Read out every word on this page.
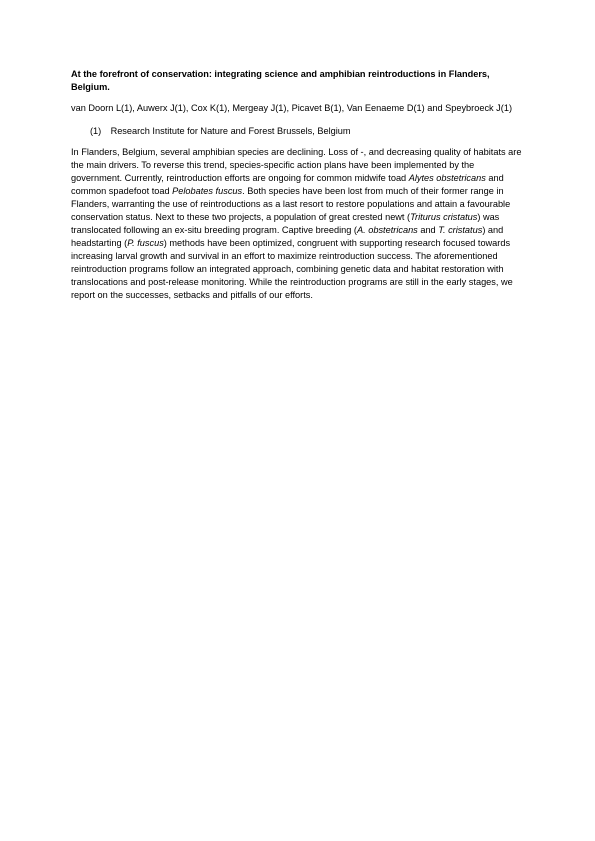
At the forefront of conservation: integrating science and amphibian reintroductions in Flanders, Belgium.

van Doorn L(1), Auwerx J(1), Cox K(1), Mergeay J(1), Picavet B(1), Van Eenaeme D(1) and Speybroeck J(1)

(1) Research Institute for Nature and Forest Brussels, Belgium

In Flanders, Belgium, several amphibian species are declining. Loss of -, and decreasing quality of habitats are the main drivers. To reverse this trend, species-specific action plans have been implemented by the government. Currently, reintroduction efforts are ongoing for common midwife toad Alytes obstetricans and common spadefoot toad Pelobates fuscus. Both species have been lost from much of their former range in Flanders, warranting the use of reintroductions as a last resort to restore populations and attain a favourable conservation status. Next to these two projects, a population of great crested newt (Triturus cristatus) was translocated following an ex-situ breeding program. Captive breeding (A. obstetricans and T. cristatus) and headstarting (P. fuscus) methods have been optimized, congruent with supporting research focused towards increasing larval growth and survival in an effort to maximize reintroduction success. The aforementioned reintroduction programs follow an integrated approach, combining genetic data and habitat restoration with translocations and post-release monitoring. While the reintroduction programs are still in the early stages, we report on the successes, setbacks and pitfalls of our efforts.
